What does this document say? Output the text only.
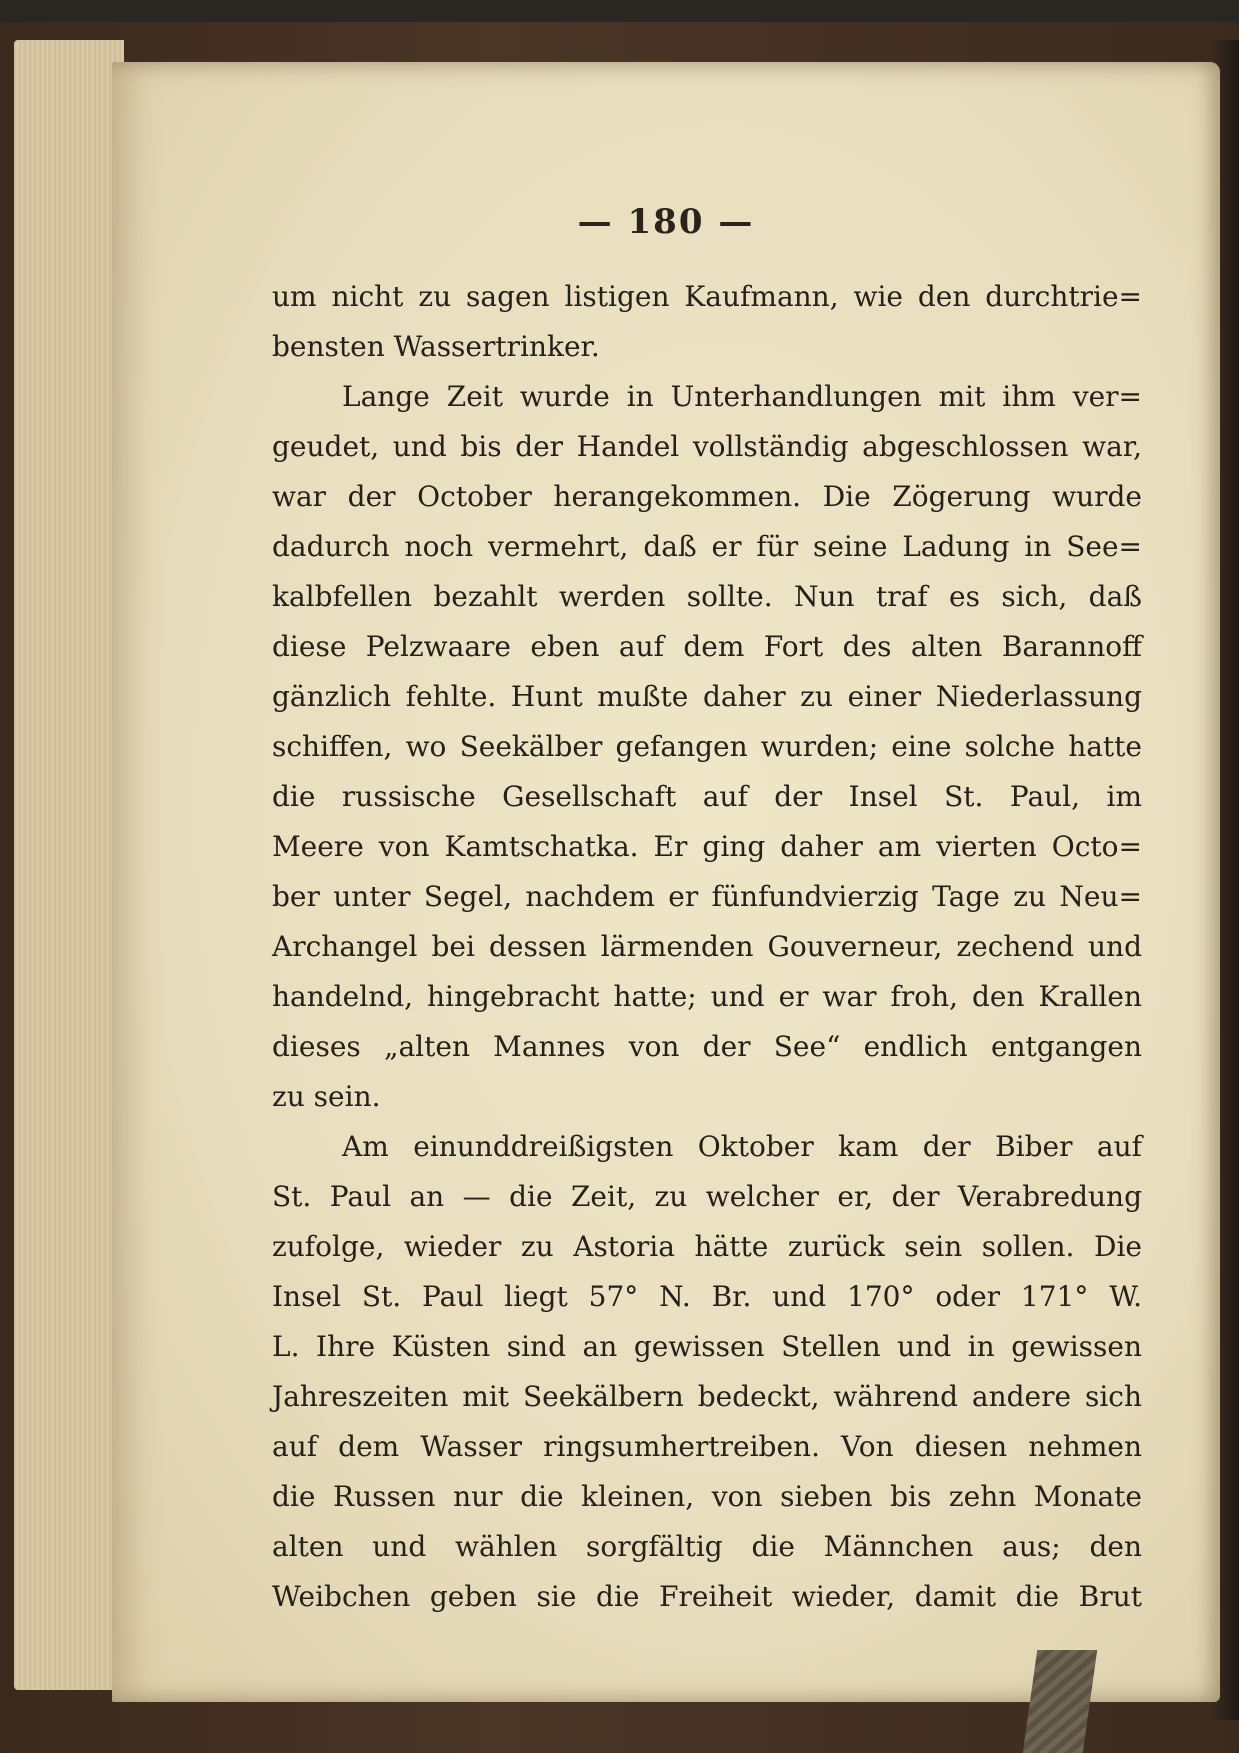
— 180 —
um nicht zu sagen listigen Kaufmann, wie den durchtrie=
bensten Wassertrinker.
Lange Zeit wurde in Unterhandlungen mit ihm ver=
geudet, und bis der Handel vollständig abgeschlossen war,
war der October herangekommen. Die Zögerung wurde
dadurch noch vermehrt, daß er für seine Ladung in See=
kalbfellen bezahlt werden sollte. Nun traf es sich, daß
diese Pelzwaare eben auf dem Fort des alten Barannoff
gänzlich fehlte. Hunt mußte daher zu einer Niederlassung
schiffen, wo Seekälber gefangen wurden; eine solche hatte
die russische Gesellschaft auf der Insel St. Paul, im
Meere von Kamtschatka. Er ging daher am vierten Octo=
ber unter Segel, nachdem er fünfundvierzig Tage zu Neu=
Archangel bei dessen lärmenden Gouverneur, zechend und
handelnd, hingebracht hatte; und er war froh, den Krallen
dieses „alten Mannes von der See“ endlich entgangen
zu sein.
Am einunddreißigsten Oktober kam der Biber auf
St. Paul an — die Zeit, zu welcher er, der Verabredung
zufolge, wieder zu Astoria hätte zurück sein sollen. Die
Insel St. Paul liegt 57° N. Br. und 170° oder 171° W.
L. Ihre Küsten sind an gewissen Stellen und in gewissen
Jahreszeiten mit Seekälbern bedeckt, während andere sich
auf dem Wasser ringsumhertreiben. Von diesen nehmen
die Russen nur die kleinen, von sieben bis zehn Monate
alten und wählen sorgfältig die Männchen aus; den
Weibchen geben sie die Freiheit wieder, damit die Brut
